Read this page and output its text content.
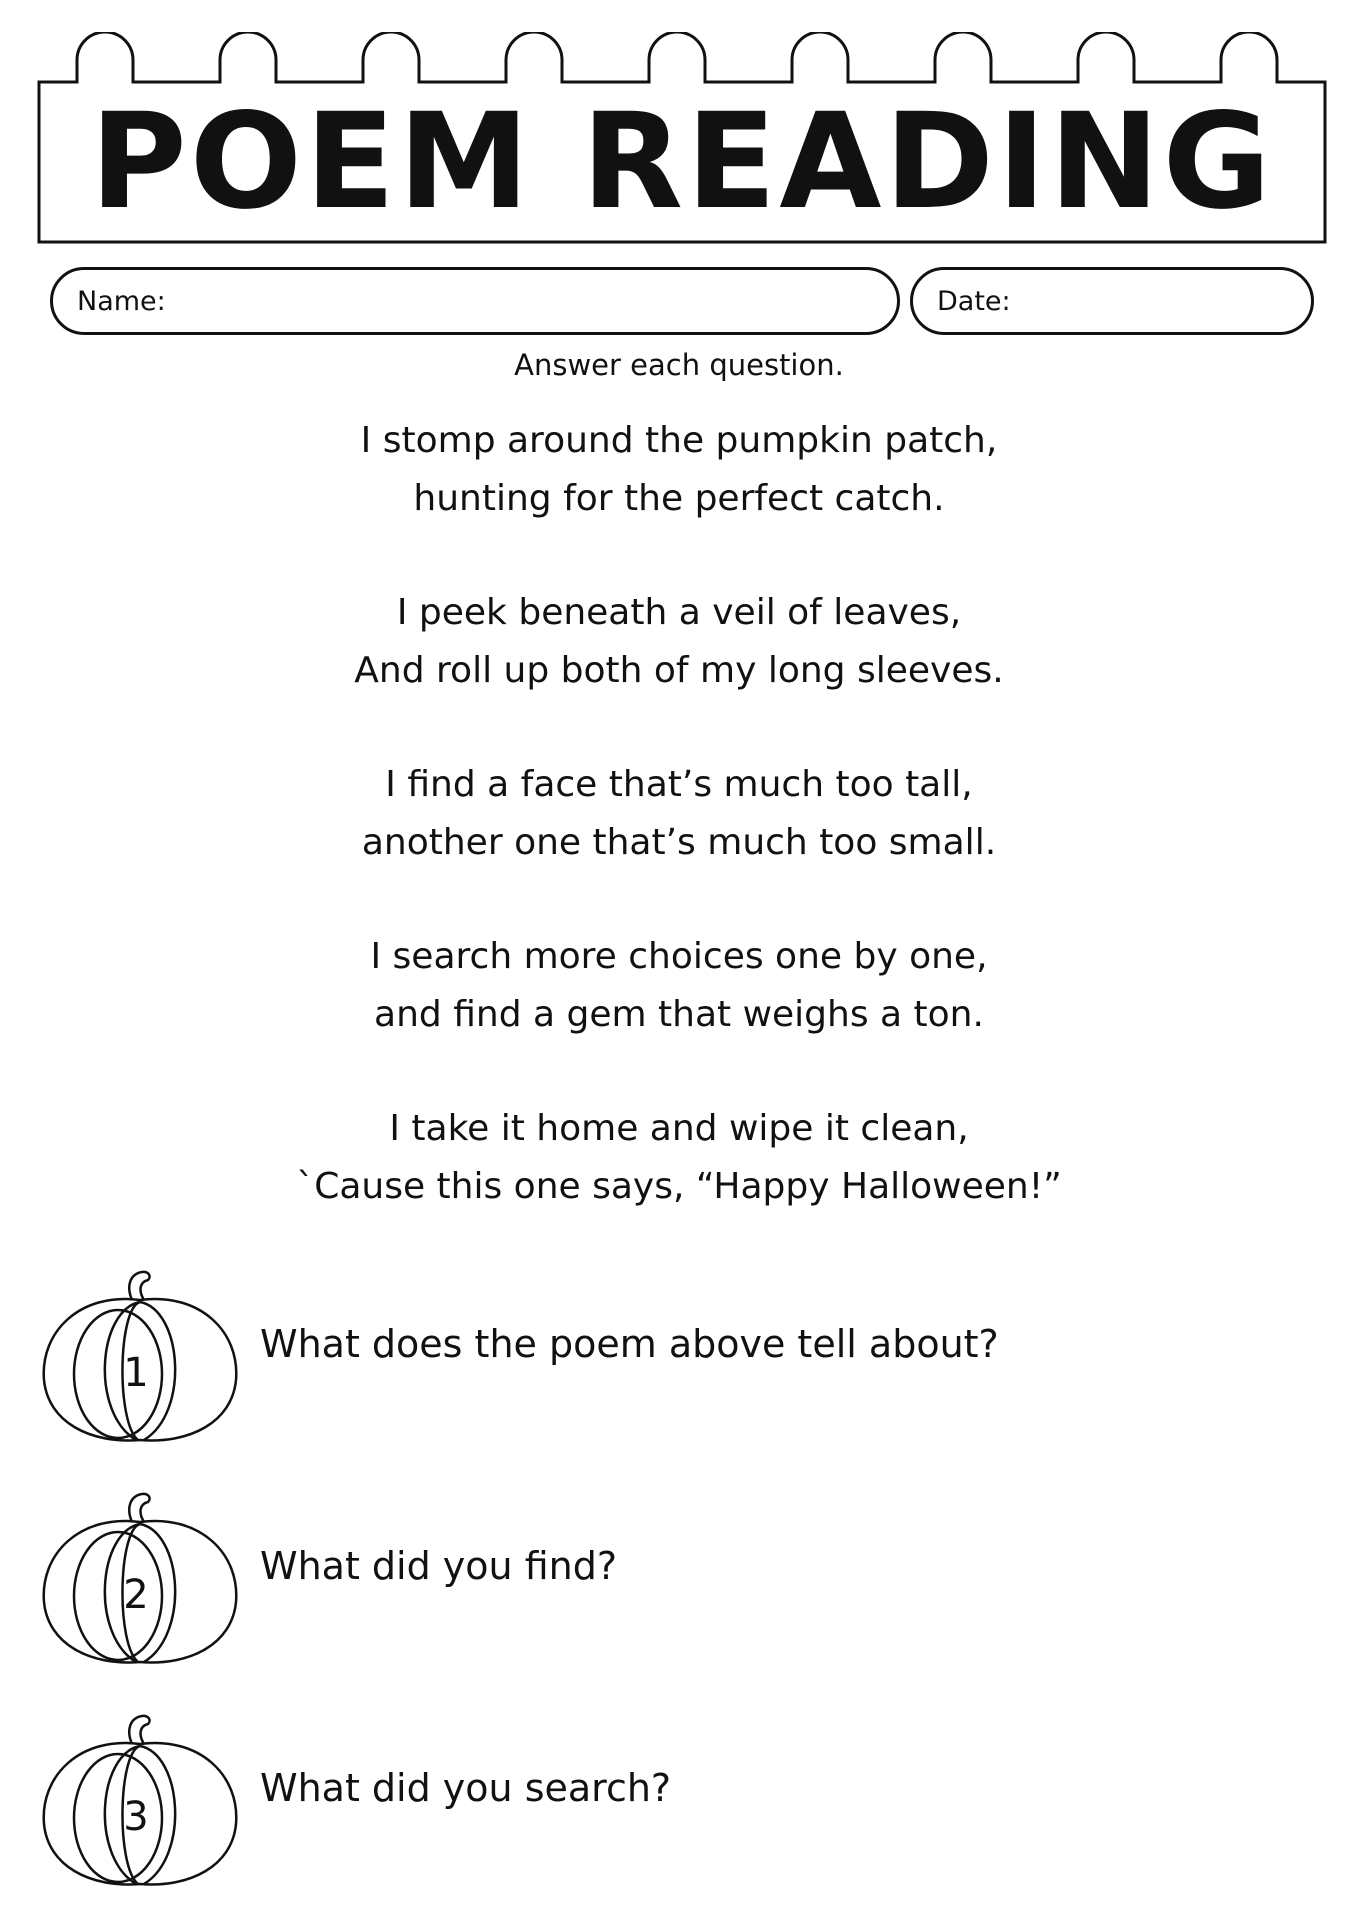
POEM READING
Name:	Date:
Answer each question.
I stomp around the pumpkin patch,
hunting for the perfect catch.
I peek beneath a veil of leaves,
And roll up both of my long sleeves.
I find a face that’s much too tall,
another one that’s much too small.
I search more choices one by one,
and find a gem that weighs a ton.
I take it home and wipe it clean,
`Cause this one says, “Happy Halloween!”
1
What does the poem above tell about?
2
What did you find?
3
What did you search?
